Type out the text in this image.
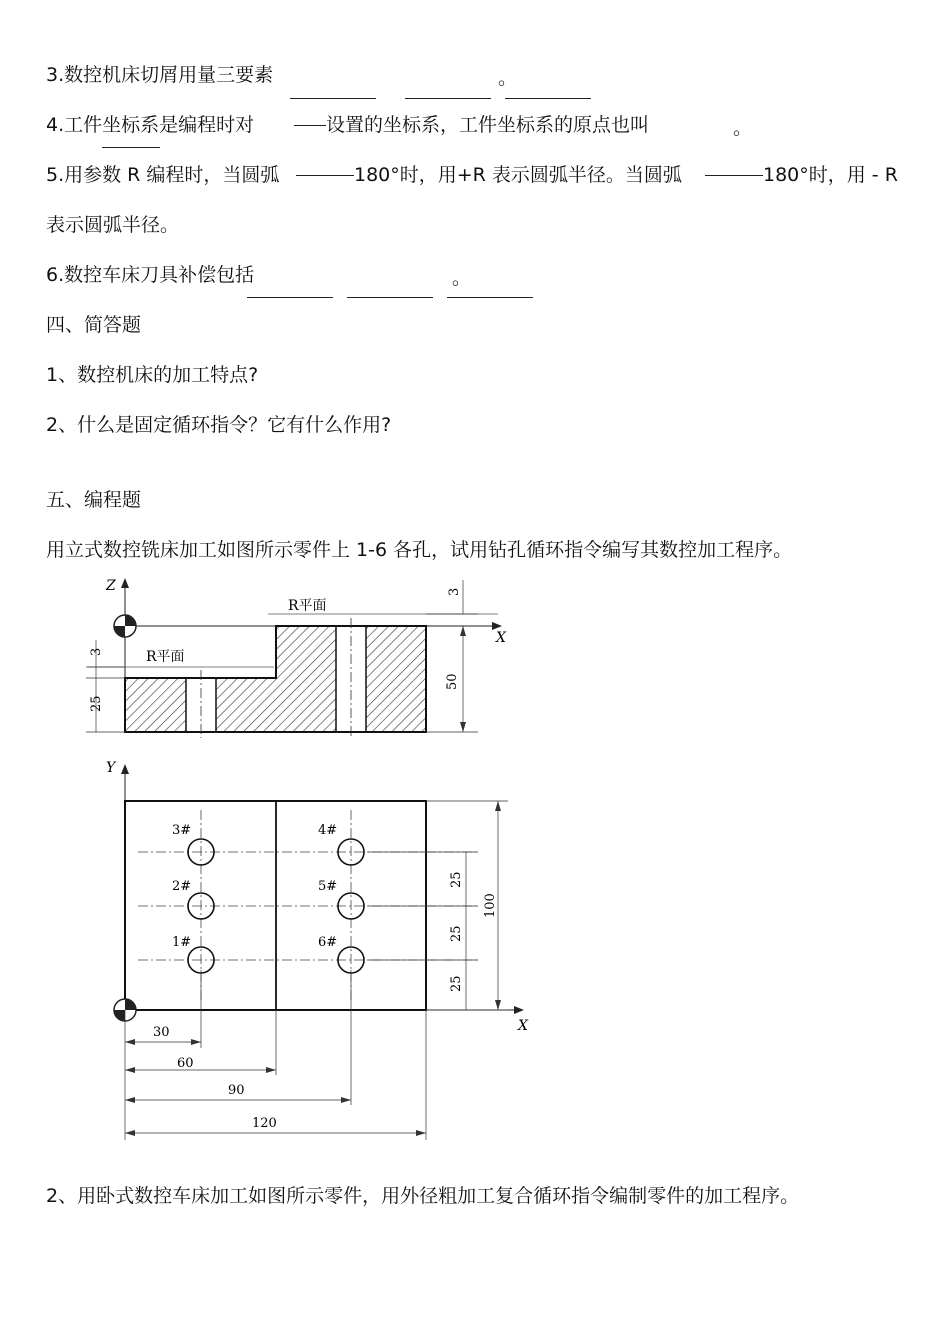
3.数控机床切屑用量三要素	。
4.工件坐标系是编程时对	设置的坐标系，工件坐标系的原点也叫	。
5.用参数 R 编程时，当圆弧	180°时，用+R 表示圆弧半径。当圆弧	180°时，用 - R
表示圆弧半径。
6.数控车床刀具补偿包括	。
四、简答题
1、数控机床的加工特点?
2、什么是固定循环指令？它有什么作用?
五、编程题
用立式数控铣床加工如图所示零件上 1-6 各孔，试用钻孔循环指令编写其数控加工程序。
Z
X
R平面
R平面
3
25
3
50
Y
X
1#
2#
3#	4#
5#
6#
25
25
25
100
30
60
90
120
2、用卧式数控车床加工如图所示零件，用外径粗加工复合循环指令编制零件的加工程序。
